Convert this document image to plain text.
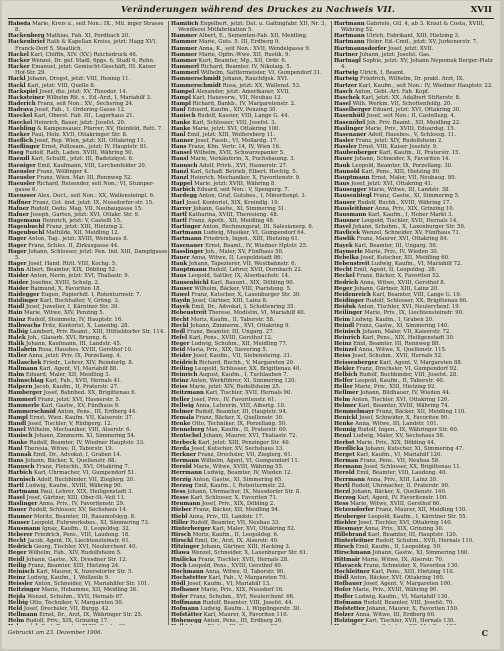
Veränderungen während des Druckes zu Nachweis VII.	XVII

Habsda Marie, Kreis u., seit Non.: IX., Mil. inger Strasse 8.

Hackenberg Mathias, Fah. XI, Ferdbach 20.

Hackenbrief Rath & Kapellan Kreiss, jetzt: Hagg XVI, Franck-Dorf 5, Staatlich.

Hackel Karl, Chiffin, XIV. (XV.) Reichsdruck 46.

Hacker Wenzel, Dr. gef. Stadl, 6pgs. 6, Stadl 6, Rehn.

Hacker Emanuel, jetzt: Gemischt-Geschäft, III. Kaiser Hof-Str. 29.

Hackl Johann, Drogst, jetzt: VIII, Hennig 11.

Hackl Karl, jetzt: VIII, Quelle 8.

Hackspiel Josef, dto. jetzt: XV, Theodor. 14.

Hacksteiner Wilhelm Rit. v., Ed.-Arzt, I, Mariahilf 3.

Haderich Franz, seit Non.: XV., Sechsring 24.

Hadrava Josef, Fab., 1. Ordering Gasse 12.

Haeckel Karl, Oberst. Fab. III., Lagerhaus 21.

Haeckel Heinrich, Bauer, jetzt: Josefst. 20.

Haebling & Kampensauer, Pfarrer, XV, Heinfeld, Rett. 7.

Haeker Paul, Holz. XVII, Ottakringer Str. 8.

Haeflich Josef, Rep. Wien, jetzt: XII, Ottakring 11.

Haeflinger Ernst, Pollosam., jetzt: IV, Hauptstr. 81.

Haeg Rudolf, Rath, Laden. XVIII, Währing 50.

Haendl Karl, Schulff., jetzt: III, Radetzkyst. 6.

Haeniger Emil, Kaufmann, VIII, Lerchenfelder 20.

Haeusler Franz, Wölfinger 4.

Haeusler Franz, Wien. Mar. III, Rennweg 52.

Haeusler Richard, Reisender, seit Non.: VI, Stumper-gasse 6.

Haeusser Alex, Doct., seit Non.: XX, Wallensteinpl. 6.

Haffner Franz, Gst. ünd. jetzt: IX, Nussdorfer-str. 15.

Hafner Rudolf, Oedo. Mag. VII, Neubaugasse 15.

Hafner Joseph, Garten, jetzt: XVI, Ottakr. Str. 9.

Hagemann Heinrich, jetzt: V, Castelli 15.

Hagenbuchl Franz, jetzt: XIII, Hietzing 2.

Hagenbuchl Mathilde, XII, Meidling 12.

Hager Anton, Tag.. jetzt: XVIII, Weinhaus 8.

Hager Franz, Schles. II, Zirkusgasse 44.

Hager Johann, Schlosser, jetzt: Pen. Ind. XIII, Dampfgasse 5.

Hager Josef, Hand. Rütt. VIII, Kochg. 5.

Hahn Albert, Beamter, XIX, Döbling 52.

Haider Anton, Nerin, jetzt: XVI, Thaliastr. 9.

Haider Josefine, XVIII, Schulg. 2.

Haider Raimund, X, Favoriten 18.

Haidegger Eugen, Papierhdl. I, Rotenturmstr. 7.

Haidinger Karl, Buchhalter, V, Grüng. 3.

Haidl Josef, Juwelier, I, Kärntner Str. 39.

Hain Marie, Witwe, XIV, Penzing 5.

Hainz Rudolf, Steinmetz, IV, Hauptstr. 16.

Halbwachs Fritz, Kontorist, X, Laxenbg. 28.

Halbig Lambert, Priv. Beamt., XIII, Hütteldorfer Str. 114.

Halek Joh., Glasarb. XVI, Brunng. 6.

Halik Johann, Kaufmann, III, Landstr. 45.

Hallabrin Rosa, Hausbes. XVIII, Gersthof 10.

Haller Anna, jetzt: Priv. IX, Porzellang. 4.

Hallaschek Friedr., Lehrer, XIV, Reindorfg. 8.

Hallmann Karl, Agent, VI, Mariahilf 88.

Halm Eduard, Maler, XII, Meidling 3.

Halmschlag Karl, Fab., XVII, Hernals 41.

Halpern Jacob, Kaufm., II, Praterstr. 27.

Hamberger Josef, Bahnbed. XX, Brigittenau 6.

Hammerl Franz, jetzt: XVI, Hasnerstr. 5.

Hammerle Karl, Gastw., XV, Fünfhaus 9.

Hammerschmid Anton, Pens., III, Erdberg 44.

Hampl Ernst, Wien. Kaufm. VII, Kaiserstr. 37.

Handl Josef, Tischler, V, Rüdigerg. 12.

Hanel Wilhelm, Mechaniker, VIII, Alserstr. 6.

Hanisch Johann, Zimmerm. XI, Simmering 54.

Hanke Rudolf, Beamter, IV, Wiedner Hauptstr. 33.

Hanl Theresia, Witwe, II, Taborstr. 19.

Hannak Emil, Dr., Advokat, I, Graben 14.

Hans Johann, Bäcker, X, Quellenstr. 88.

Hanusch Franz, Fleischh., XVI, Ottakring 7.

Harbich Karl, Uhrmacher, VI, Gumpendorf 51.

Harnisch Adolf, Buchbinder, VII, Zieglerg. 20.

Hartl Ludwig, Kaufm., XVIII, Währing 90.

Hartmann Paul, Lehrer, XIX, Heiligenstadt 3.

Hasel Josef, Gärtner, XIII, Ober-St.-Veit 11.

Haslinger Anna, Priv., IV, Favoritenstr. 29.

Hauer Rudolf, Schlosser, XV, Sechshaus 14.

Haumer Moritz, Beamter, III, Rasumofskyg. 8.

Hauser Leopold, Fuhrwerksbes., XI, Simmering 73.

Hausmann Ignaz, Kaufm., II, Leopoldsg. 32.

Heberer Friedrich, Pens., VIII, Laudong. 18.

Hecht Jacob, Agent, IX, Liechtensteinstr. 61.

Hedrich Georg, Tischler, XVI, Neulerchenf. 40.

Heger Wilhelm, Fab., XIV, Rudolfsheim 5.

Heidl Johann, Gastw., XX, Dresdner Str. 12.

Heilig Franz, Beamter, XIII, Hietzing 24.

Heinisch Karl, Maurer, X, Inzersdorfer Str. 5.

Heinz Ludwig, Kaufm., I, Wollzeile 9.

Heissler Anton, Schneider, VI, Mariahilfer Str. 101.

Heitzinger Marie, Hebamme, XII, Meidling 36.

Hejda Wenzel, Schuhm., XVII, Hernals 67.

Helbig Otto, Techniker, V, Margareten 50.

Held Josef, Drechsler, VII, Burgg. 42.

Hellmann Ernst, Dr., Arzt, IX, Währinger Str. 25.

Helm Rudolf, Priv., XIX, Grinzing 17.

Hamilich Engelbert, jetzt: Dat. u. Galtingfabr. XII, Nr. 3, Wendlerei Mitfabrikation 5.

Hammer Albert, E., Sementen-Fab. XII, Meidling.

Hammer Marie, Guts. 5. III, Erdberg 9.

Hammer Anna, K., seit Non.: XVII, Wendelgasse 9.

Hammer Marie, Opfm.-Wwe. XII, Rustik. 9.

Hammer Kurt, Beamter, Mg., XII, Ordr. 6.

Hammerl Richard, Beamter. IV, Nikolaig. 5.

Hammerl Wilhelm, Sattlermeister, VI, Gumpendorf 31.

Hammerschmidt Johann, Rauchfgsk. XVI.

Hammerschmidt Rosa, jetzt: XX, Wallenst. 53.

Hampel Alexander, jetzt: Amerikaner, XVII.

Hampl Karl, Hausverw., VII, Neubau 12.

Hampl Richard, Bankb., IV, Margaretenstr. 2.

Hanf Eduard, Kaufm., XIV, Penzing 30.

Hanisch Rudolf, Kassier, VIII, Lange G. 44.

Hanke Karl, Schlosser, VIII, Josefst. 3.

Hanke Marie, jetzt: XVI, Ottakring 100.

Hanl Emil, jetzt: XIII, Wolfersberg 11.

Hanner Josef, Fassb., VI, Mollardg. 17.

Hans Franz, Kfm. Vertr. 14, IV, Wien 16.

Hansel Wilhelm, XVII, Schwarzspanier 5.

Hansl Marie, Verkäuferin, X, Puchsbaumg. 3.

Hanusch Adolf, Privb., XVI, Hasnerstr. 27.

Hanzl Karl, Schaff. Betrieb, Elbert. Hechtg. 5.

Hanzl Heinrich, Mechaniker, X, Favoritenstr. 9.

Happel Marie, jetzt: XVIII, Währing 8.

Harbich Eduard, seit Non.: V, Spengerg. 7.

Hardegg Anton, Graf, Gutsbes., I, Minoritenpl. 3.

Harl Josef, Kontorist, XIX, Kreindlg. 19.

Harrer Johann, Gastw., XI, Simmering 31.

Hartl Katharina, XVIII, Theresieng. 48.

Hartl Franz, Apoth., XII, Meidling 48.

Hartinger Anton, Rechnungsrat, III, Salesianerg. 6.

Hartmann Ludwig, Musiker, VI, Gumpendorf 64.

Hartmann Friedrich, Ingen., XIII, Hietzing 61.

Hasenauer Ernst, Beamt., IV, Wiedner Hptstr. 25.

Hasslinger Joh., Maler, XV, Fünfhaus 50.

Hauer Anna, Witwe, II, Leopoldstadt 86.

Hauk Johann, Tapezierer, VII, Westbahnstr. 6.

Hauptmann Rudolf, Lehrer, XVII, Dornbach 22.

Haus Leopold, Sattler, IX, Alserbachstr. 14.

Hausenbichl Karl, Bauunt., XIX, Döbling 90.

Hauser Wilhelm, Bäcker, VIII, Piaristeng. 5.

Hawel Franz, Kutscher, X, Laxenburger Str. 30.

Haydn Josef, Gärtner, XIII, Lainz 8.

Hayek Emil, Dr., Advokat, I, Schottenring 35.

Hebenstreit Therese, Modistin, VI, Mariahilf 40.

Hecht Moriz, Kaufm., II, Taborstr. 58.

Heckl Johann, Zimmerm., XVI, Ottakring 9.

Hedl Franz, Beamter, III, Ungarg. 27.

Hefel Karl, Pens., XVIII, Gersthof 12.

Heger Ludwig, Schuhm., XII, Meidling 77.

Heid Maria, Priv., XIX, Sievering 5.

Heider Josef, Kaufm., VII, Siebensterng. 31.

Heidrich Richard, Buchh., V, Margareten 20.

Heiling Leopold, Schlosser, XX, Brigittenau 40.

Heinrich August, Kaufm., I, Tuchlauben 7.

Heinz Anton, Werkführer, XI, Simmering 120.

Heiss Marie, jetzt: XIV, Rudolfsheim 25.

Heitzmann Karl, Tischler, XVII, Hernals 90.

Heller Josef, Priv., IV, Favoritenstr. 61.

Hellwig Anna, Lehrerin, VIII, Albertg. 10.

Helmer Rudolf, Beamter, III, Hauptstr. 94.

Hemala Franz, Bäcker, X, Quellenstr. 30.

Henke Otto, Techniker, IX, Porzellang. 50.

Henneberg Max, Kaufm., II, Praterstr. 60.

Hentschel Johann, Maurer, XVI, Thaliastr. 72.

Herbeck Karl, jetzt: XIII, Penzinger Str. 40.

Herda Josef, Kutscher, XV, Sechshaus 33.

Herkner Franz, Drechsler, VII, Zieglerg. 61.

Hermann Wilhelm, Agent, VI, Gumpendorf 11.

Herold Marie, Witwe, XVIII, Währing 55.

Herrmann Ludwig, Beamter, IV, Wieden 12.

Herzig Anton, Gastw., XI, Simmering 65.

Herzog Emil, Kaufm., I, Rotenturmstr. 22.

Hess Johann, Uhrmacher, IX, Nussdorfer Str. 8.

Hesse Karl, Schlosser, X, Favoriten 71.

Heumann Josef, Priv., XIX, Döbling 2.

Hieber Franz, Bäcker, XII, Meidling 94.

Hiebl Anna, Priv., III, Landstr. 17.

Hiller Rudolf, Beamter, VII, Neubau 33.

Hinterberger Karl, Maler, XVI, Ottakring 52.

Hirsch Moriz, Kaufm., II, Leopoldsg. 6.

Hirschl Emil, Dr., Arzt, IX, Alserstr. 40.

Hitzinger Johann, Gärtner, XIII, Hacking 3.

Hlawa Wenzel, Schneider, X, Laxenburger Str. 61.

Hnilicka Franz, Tischler, XVII, Hernals 28.

Hoch Leopold, Pens., XVIII, Gersthof 40.

Hochmann Anna, Witwe, II, Taborstr. 90.

Hochstetter Karl, Fab., V, Margareten 70.

Hödl Josef, Kaufm., VI, Mariahilf 13.

Hofbauer Marie, Priv., XIX, Nussdorf 16.

Hofer Franz, Schuhm., XVI, Neulerchenf. 66.

Hoffmann Rudolf, Beamter, VIII, Josefst. 44.

Hofmann Ludwig, Kaufm., I, Wipplingerstr. 30.

Hofstätter Karl, Maurer, X, Favoriten 110.

Hohenegg Anton, Pens., III, Erdberg 26.

Hartmann Gabriele, Gtl. 4, ab 3. Kraut & Costa, XVIII, Währing 52.

Hartmann Ulrich, Fabrikant, XIII, Hietzing 3.

Hartmann Heinr. Ed.-Cmd., jetzt: XV, Jurkenerstr. 7.

Hartmannsdorfer Josef, jetzt: XVII.

Hartner Johann, jetzt: Josefst. Gas.

Hartnagl Sophie, jetzt: XV, Johann Nepomuk Berger-Platz 4.

Hartwig Ulrich, I, Beamt.

Hartwig Friedrich, Wilhelm, Dr. prakt. Arzt, IX.

Hartzer Karl, Kaufm., seit Non.: IV, Wiedner Hauptstr. 22.

Hasch Anton, Gebi.-Art. Fab. Kopf.

Haschek Karl, jetzt: XX, Adalbert Stifterstr. 8.

Hasel Wilh. Werkm. VII, Schottenfeldg. 20.

Haselberger Eduard, jetzt: XVI, Ottakring 30.

Hasenhütl Josef, seit Non.: II, Castellezg. 4.

Hasenöhrl Joh. Priv. Beamt., XII, Meidling 22.

Haslinger Marie, Priv., XVIII, Eduardsg. 15.

Hasenauer Adolf, Hausbes., V, Schlossg. 11.

Hasler Franz, jetzt: XIV, Rudolfsheim 2.

Hassler Ernst, VIII, Kaiser Josefstr. 9.

Haubenberger Karl, Kaufm., II, Praterstr. 15.

Hauer Johann, Schneider, X, Favoriten 14.

Hauk Leopold, Beamter, IX, Porzellang. 30.

Haunold Karl, Pens., XIII, Hietzing 80.

Hauptmann Ernst, Maler, VII, Neubaug. 80.

Haus Josef, jetzt: XVI, Ottakring 41.

Hausegger Marie, Witwe, III, Landstr. 38.

Hausenbiegl Franz, Gastw., XI, Simmering 5.

Hauser Rudolf, Buchh., XVIII, Währing 17.

Hausleithner Anna, Priv., XIX, Grinzing 10.

Hausmann Karl, Kaufm., I, Hoher Markt 3.

Hausner Leopold, Tischler, XVII, Hernals 14.

Havel Johann, Schuhm., X, Laxenburger Str. 50.

Havlicek Wenzel, Schneider, XV, Fünfhaus 71.

Hawlik Franz, Maurer, XVI, Ottakring 84.

Hayek Karl, Beamter, III, Ungarg. 50.

Haymerle Marie, Priv., IV, Wieden 30.

Hebelka Josef, Kutscher, XII, Meidling 60.

Hebenstreit Ludwig, Kaufm., VI, Mariahilf 72.

Hecht Emil, Agent, II, Leopoldsg. 28.

Heckel Franz, Bäcker, X, Favoriten 52.

Hedrich Anna, Witwe, XVIII, Gersthof 8.

Heger Johann, Gärtner, XIII, Lainz 20.

Heidenreich Karl, Beamter, VIII, Lange G. 10.

Heidinger Rudolf, Schlosser, XX, Brigittenau 66.

Heiduk Anton, Tischler, XVI, Neulerchenf. 19.

Heilinger Marie, Priv., IX, Liechtensteinstr. 90.

Heim Ludwig, Kaufm., I, Graben 20.

Heindl Franz, Gastw., XI, Simmering 140.

Heinisch Johann, Maler, VII, Kaiserstr. 72.

Heinrich Karl, Pens., XIX, Heiligenstadt 30.

Heinz Emil, Beamter, III, Rennweg 88.

Heinzel Anna, Witwe, X, Quellenstr. 115.

Heiss Josef, Schuhm., XVII, Hernals 52.

Heissenberger Karl, Agent, V, Margareten 88.

Hekler Franz, Drechsler, VI, Gumpendorf 92.

Helbich Rudolf, Buchbinder, VIII, Josefst. 28.

Helfer Leopold, Kaufm., II, Taborstr. 40.

Heller Marie, Priv., XIII, Hietzing 92.

Hellmer Johann, Bildhauer, IV, Wieden 44.

Helm Anton, Tischler, XVI, Ottakring 126.

Helmer Karl, Beamter, XVIII, Währing 74.

Hemmelmayr Franz, Bäcker, XII, Meidling 110.

Henickl Josef, Schneider, X, Favoriten 90.

Henke Anna, Witwe, III, Landstr. 101.

Hennig Rudolf, Ingen., IX, Währinger Str. 60.

Henzl Ludwig, Maler, XV, Sechshaus 58.

Herbst Marie, Priv., XIX, Döbling 44.

Herdlicka Johann, Kutscher, XI, Simmering 47.

Herget Karl, Kaufm., VI, Mariahilf 120.

Herman Franz, Pens., VII, Neubau 58.

Hermann Josef, Schlosser, XX, Brigittenau 11.

Herold Emil, Beamter, VIII, Laudong. 40.

Herrmann Anna, Priv., XIII, Lainz 30.

Hertl Rudolf, Uhrmacher, II, Praterstr. 90.

Herzl Johann, Bäcker, X, Quellenstr. 140.

Herzog Karl, Agent, IV, Favoritenstr. 100.

Hess Marie, Witwe, XVIII, Gersthof 60.

Hetzendorfer Franz, Maurer, XII, Meidling 130.

Heuberger Leopold, Kaufm., I, Kärntner Str. 55.

Hiebler Josef, Tischler, XVI, Ottakring 140.

Hiesmayr Anna, Priv., XIX, Grinzing 30.

Hillebrand Karl, Beamter, III, Hauptstr. 120.

Hinterleitner Rudolf, Schuhm., XVII, Hernals 110.

Hirsch Emil, Kaufm., II, Leopoldsg. 50.

Hirschmann Johann, Gastw., XI, Simmering 160.

Hittmair Marie, Witwe, IX, Alserstr. 70.

Hlavacek Franz, Schneider, X, Favoriten 130.

Hochleitner Karl, Pens., XIII, Hietzing 110.

Hödl Anton, Bäcker, XVI, Ottakring 160.

Hofbauer Josef, Agent, V, Margareten 100.

Hofer Marie, Priv., XVIII, Währing 90.

Hoffer Ludwig, Kaufm., VI, Mariahilf 130.

Hofmann Rudolf, Beamter, VIII, Josefst. 70.

Hofstetter Johann, Maurer, X, Favoriten 150.

Holzer Anna, Witwe, III, Erdberg 60.

Holzinger Karl, Tischler, XVII, Hernals 130.

Gebruckt am 23. Dezember 1906.	C
